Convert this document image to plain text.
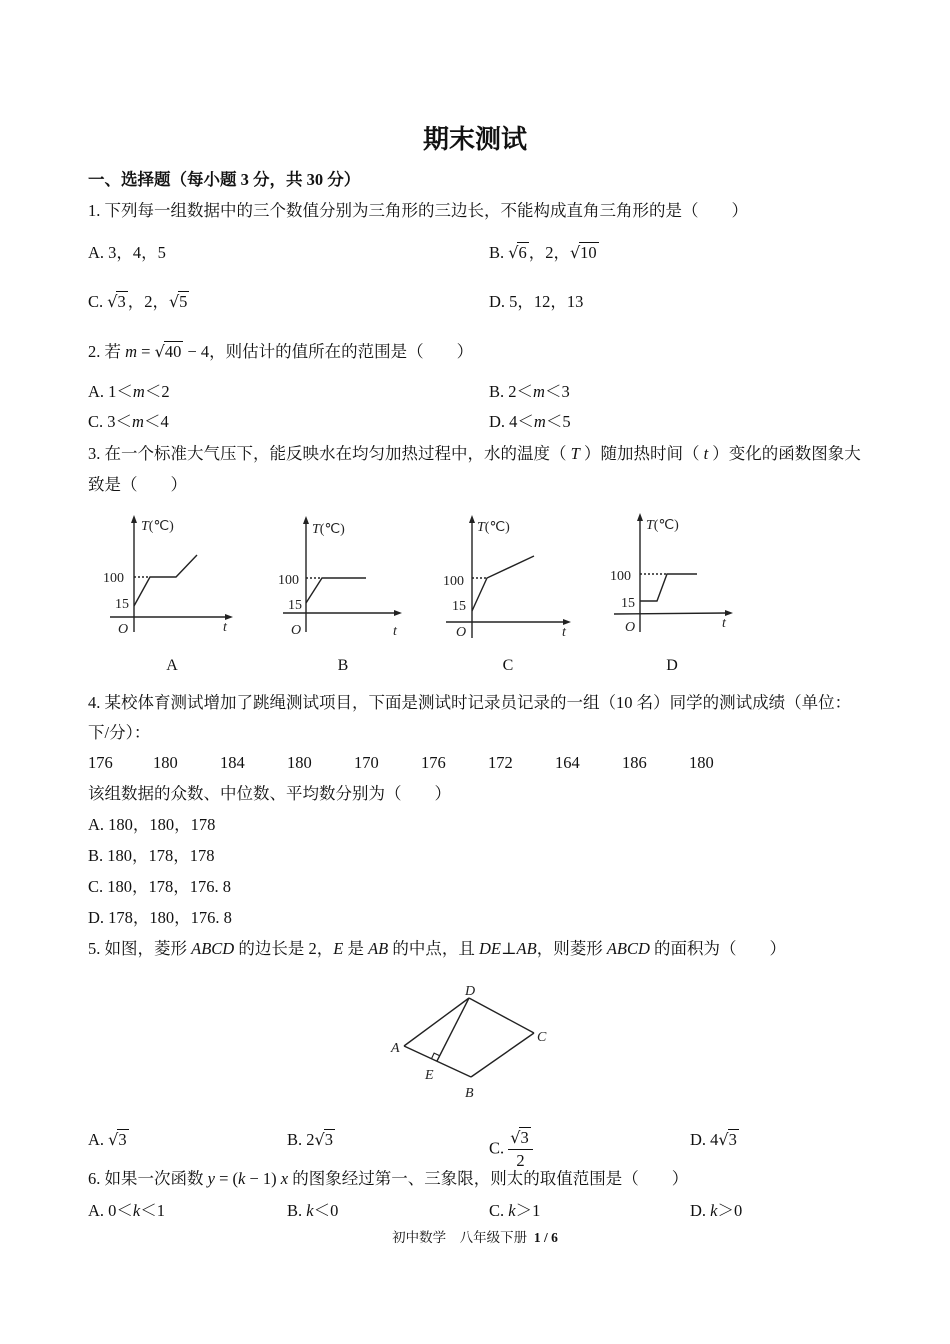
期末测试
一、选择题（每小题 3 分，共 30 分）
1. 下列每一组数据中的三个数值分别为三角形的三边长，不能构成直角三角形的是（　　）
A. 3，4，5	B. √6 ，2，√10
C. √3 ，2，√5	D. 5，12，13
2. 若 m = √40 − 4，则估计的值所在的范围是（　　）
A. 1＜m＜2	B. 2＜m＜3
C. 3＜m＜4	D. 4＜m＜5
3. 在一个标准大气压下，能反映水在均匀加热过程中，水的温度（ T ）随加热时间（ t ）变化的函数图象大
致是（　　）
T(℃)
100
15
O	t
T(℃)
100
15
O	t
T(℃)
100
15
O	t
T(℃)
100
15
O	t
A	B	C	D
4. 某校体育测试增加了跳绳测试项目，下面是测试时记录员记录的一组（10 名）同学的测试成绩（单位：
下/分）：
176 180	184	180	170	176	172	164	186	180
该组数据的众数、中位数、平均数分别为（　　）
A. 180，180，178
B. 180，178，178
C. 180，178，176. 8
D. 178，180，176. 8
5. 如图，菱形 ABCD 的边长是 2，E 是 AB 的中点，且 DE⊥AB，则菱形 ABCD 的面积为（　　）
D
A
C
B
E
A. √3	B. 2√3	C. $\frac{√3}{2}$	D. 4√3
6. 如果一次函数 y = (k − 1) x 的图象经过第一、三象限，则太的取值范围是（　　）
A. 0＜k＜1	B. k＜0	C. k＞1	D. k＞0
初中数学　八年级下册 1 / 6
